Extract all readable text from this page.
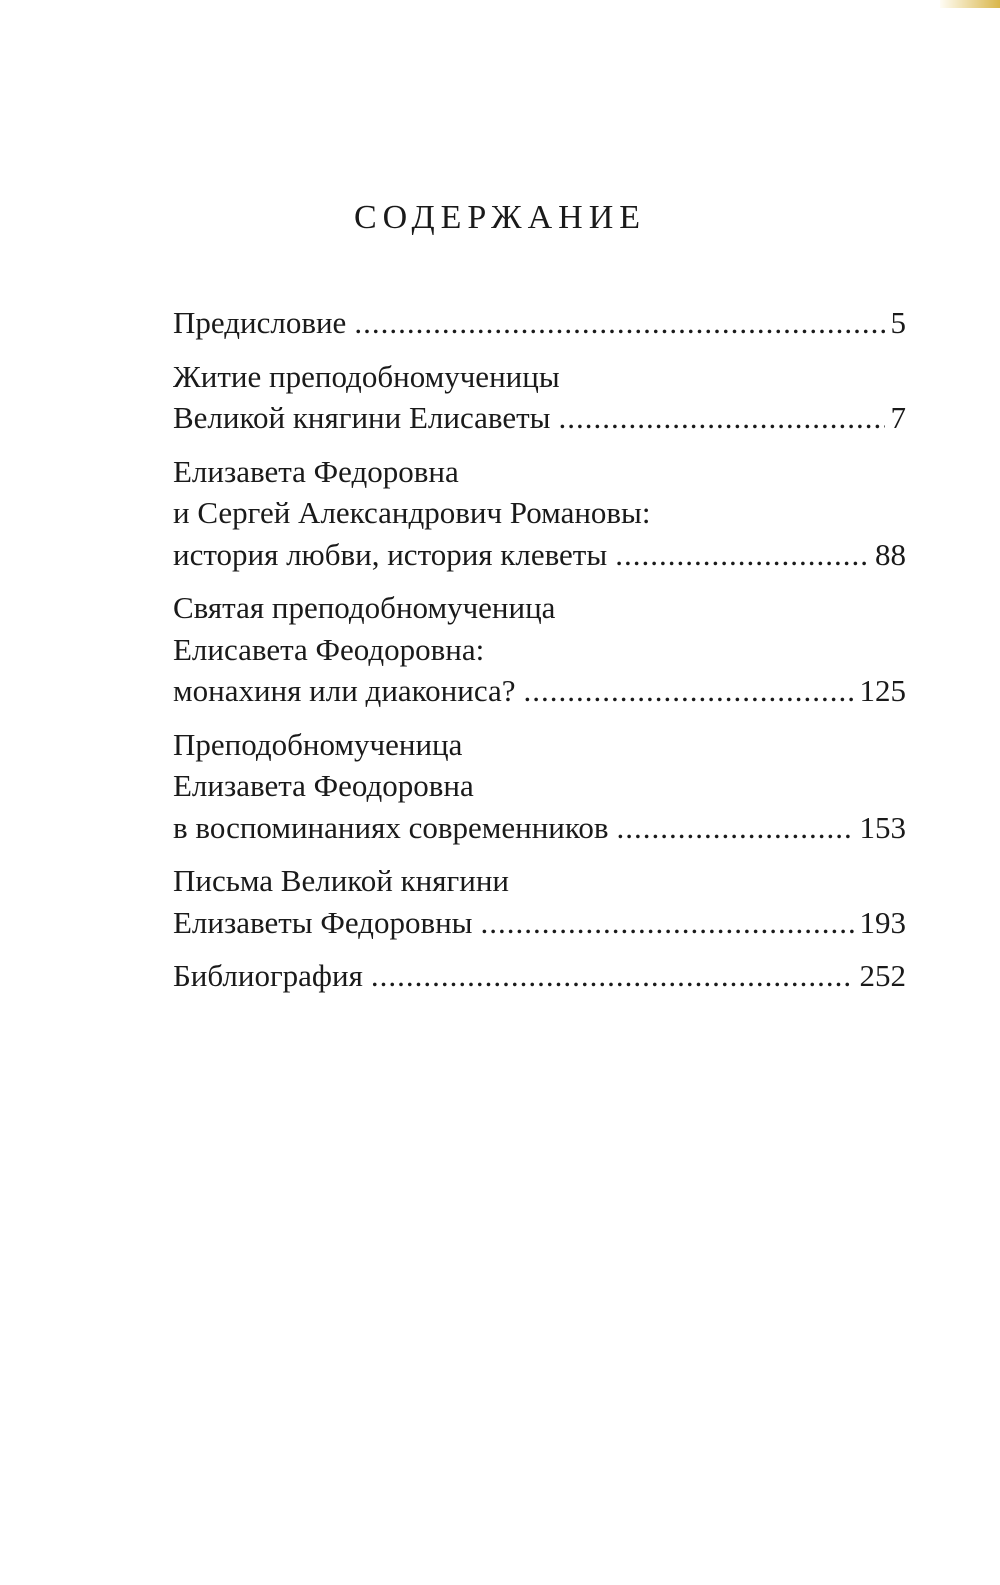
СОДЕРЖАНИЕ
Предисловие .....	5
Житие преподобномученицы
Великой княгини Елисаветы .....	7
Елизавета Федоровна
и Сергей Александрович Романовы:
история любви, история клеветы .....	88
Святая преподобномученица
Елисавета Феодоровна:
монахиня или диакониса? .....	125
Преподобномученица
Елизавета Феодоровна
в воспоминаниях современников .....	153
Письма Великой княгини
Елизаветы Федоровны .....	193
Библиография .....	252
